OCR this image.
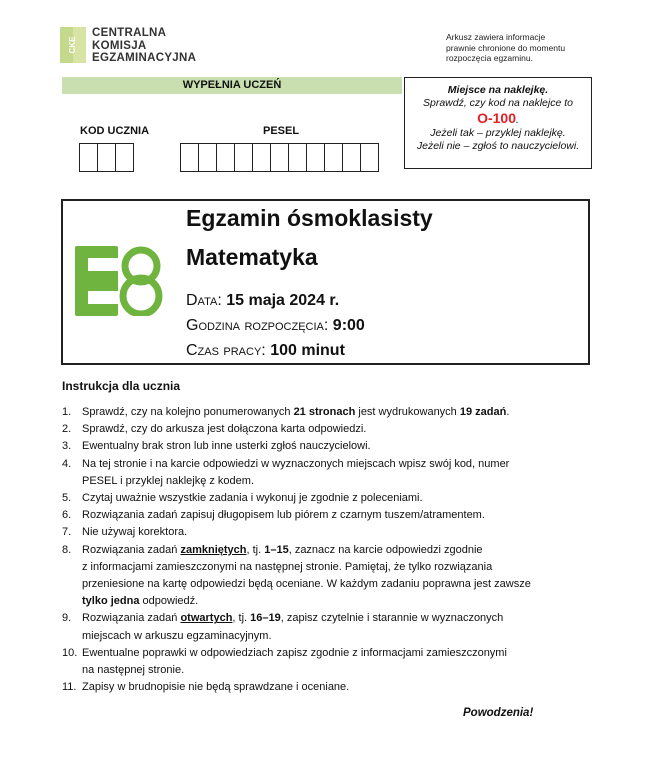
CKE
CENTRALNA
KOMISJA
EGZAMINACYJNA
Arkusz zawiera informacje
prawnie chronione do momentu
rozpoczęcia egzaminu.
WYPEŁNIA UCZEŃ
KOD UCZNIA	PESEL
Miejsce na naklejkę.
Sprawdź, czy kod na naklejce to
O-100.
Jeżeli tak – przyklej naklejkę.
Jeżeli nie – zgłoś to nauczycielowi.
Egzamin ósmoklasisty
Matematyka
Data: 15 maja 2024 r.
Godzina rozpoczęcia: 9:00
Czas pracy: 100 minut
Instrukcja dla ucznia
1. Sprawdź, czy na kolejno ponumerowanych 21 stronach jest wydrukowanych 19 zadań.
2. Sprawdź, czy do arkusza jest dołączona karta odpowiedzi.
3. Ewentualny brak stron lub inne usterki zgłoś nauczycielowi.
4. Na tej stronie i na karcie odpowiedzi w wyznaczonych miejscach wpisz swój kod, numer
PESEL i przyklej naklejkę z kodem.
5. Czytaj uważnie wszystkie zadania i wykonuj je zgodnie z poleceniami.
6. Rozwiązania zadań zapisuj długopisem lub piórem z czarnym tuszem/atramentem.
7. Nie używaj korektora.
8. Rozwiązania zadań zamkniętych, tj. 1–15, zaznacz na karcie odpowiedzi zgodnie
z informacjami zamieszczonymi na następnej stronie. Pamiętaj, że tylko rozwiązania
przeniesione na kartę odpowiedzi będą oceniane. W każdym zadaniu poprawna jest zawsze
tylko jedna odpowiedź.
9. Rozwiązania zadań otwartych, tj. 16–19, zapisz czytelnie i starannie w wyznaczonych
miejscach w arkuszu egzaminacyjnym.
10. Ewentualne poprawki w odpowiedziach zapisz zgodnie z informacjami zamieszczonymi
na następnej stronie.
11. Zapisy w brudnopisie nie będą sprawdzane i oceniane.
Powodzenia!
